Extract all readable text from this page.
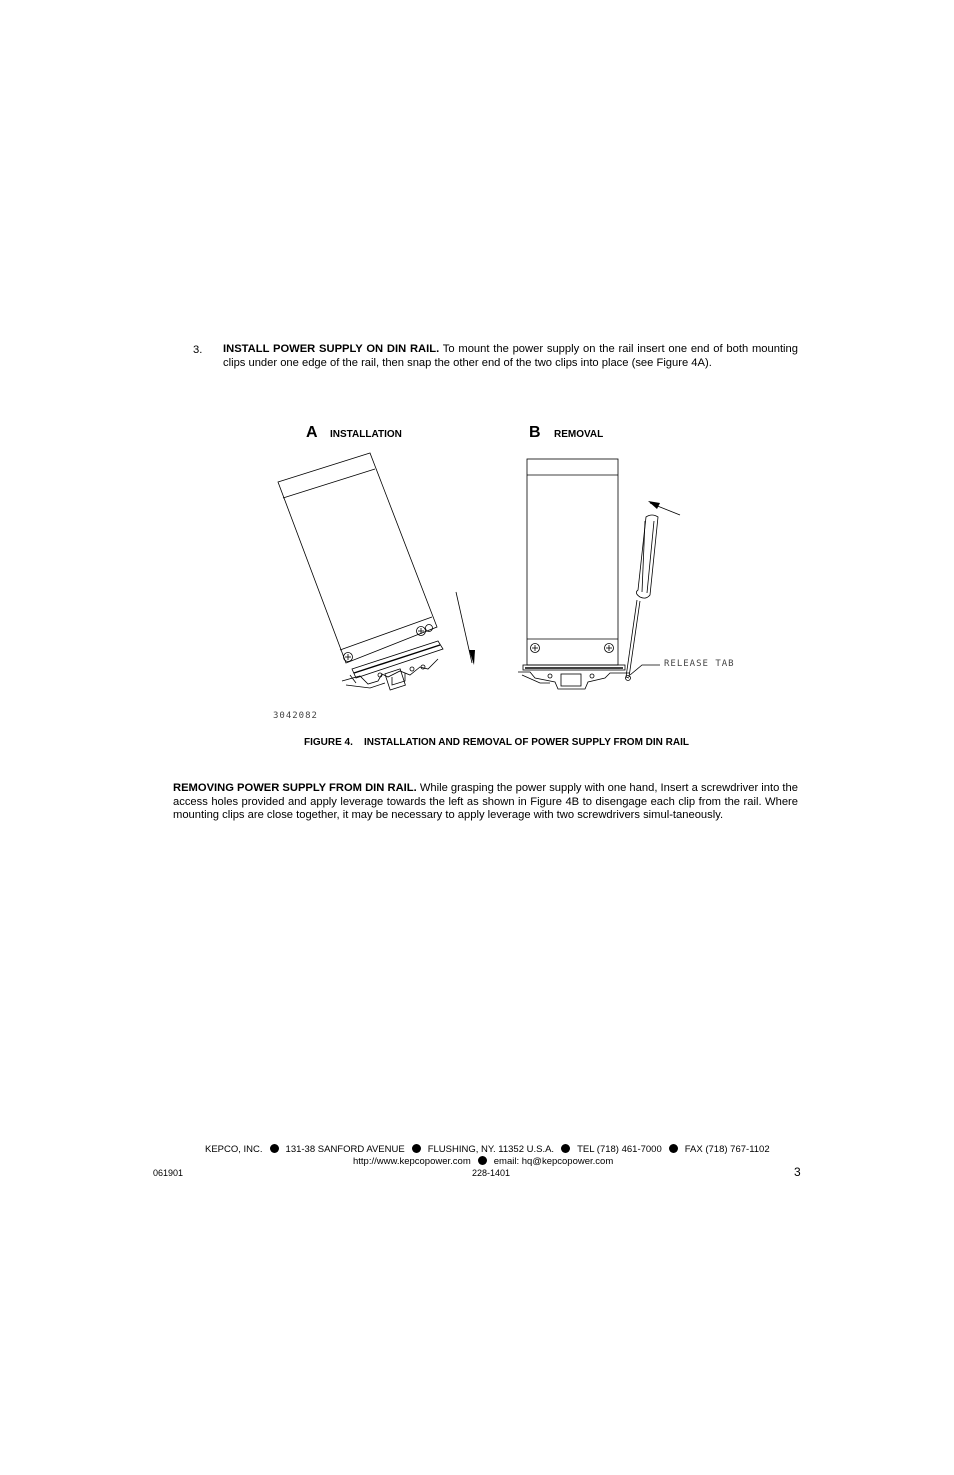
3. INSTALL POWER SUPPLY ON DIN RAIL. To mount the power supply on the rail insert one end of both mounting clips under one edge of the rail, then snap the other end of the two clips into place (see Figure 4A).
A INSTALLATION	B REMOVAL
RELEASE TAB
3042082
FIGURE 4.    INSTALLATION AND REMOVAL OF POWER SUPPLY FROM DIN RAIL
REMOVING POWER SUPPLY FROM DIN RAIL. While grasping the power supply with one hand, Insert a screwdriver into the access holes provided and apply leverage towards the left as shown in Figure 4B to disengage each clip from the rail. Where mounting clips are close together, it may be necessary to apply leverage with two screwdrivers simul-taneously.
KEPCO, INC. 131-38 SANFORD AVENUE FLUSHING, NY. 11352 U.S.A. TEL (718) 461-7000 FAX (718) 767-1102
http://www.kepcopower.com email: hq@kepcopower.com
061901	228-1401	3
